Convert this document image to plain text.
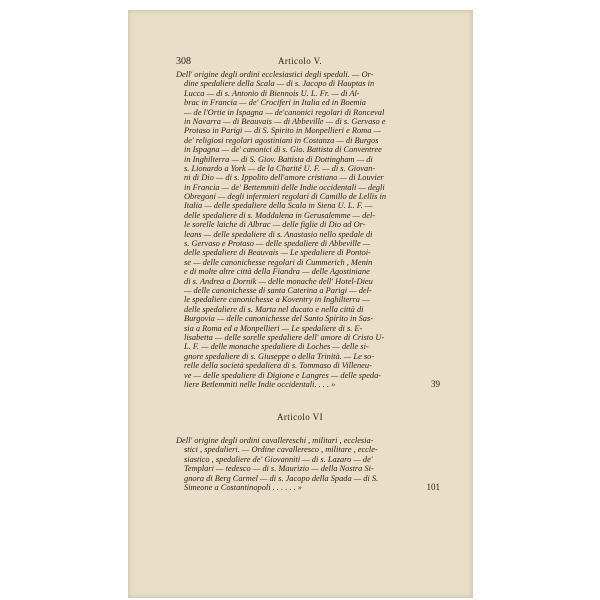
308	Articolo V.
Dell' origine degli ordini ecclesiastici degli spedali. — Or-
dine spedaliere della Scala — di s. Jacopo di Hauptas in
Lucca — di s. Antonio di Biennois U. L. Fr. — di Al-
brac in Francia — de' Crociferi in Italia ed in Boemia
— de l'Ortie in Ispagna — de'canonici regolari di Ronceval
in Navarra — di Beauvais — di Abbeville — di s. Gervaso e
Protaso in Parigi — di S. Spirito in Monpellieri e Roma —
de' religiosi regolari agostiniani in Costanza — di Burgos
in Ispagna — de' canonici di s. Gio. Battista di Conventree
in Inghilterra — di S. Giov. Battista di Dottingham — di
s. Lionardo a York — de la Charité U. F. — di s. Giovan-
ni di Dio — di s. Ippolito dell'amore cristiano — di Louvier
in Francia — de' Bettemmiti delle Indie occidentali — degli
Obregoni — degli infermieri regolari di Camillo de Lellis in
Italia — delle spedaliere della Scala in Siena U. L. F. —
delle spedaliere di s. Maddalena in Gerusalemme — del-
le sorelle laiche di Albrac — delle figlie di Dio ad Or-
leans — delle spedaliere di s. Anastasio nello spedale di
s. Gervaso e Protaso — delle spedaliere di Abbeville —
delle spedaliere di Beauvais — Le spedaliere di Pontoi-
se — delle canonichesse regolari di Cummerich , Menin
e di molte altre città della Fiandra — delle Agostiniane
di s. Andrea a Dornik — delle monache dell' Hotel-Dieu
— delle canonichesse di santa Caterina a Parigi — del-
le spedaliere canonichesse a Koventry in Inghilterra —
delle spedaliere di s. Marta nel ducato e nella città di
Burgovia — delle canonichesse del Santo Spirito in Sas-
sia a Roma ed a Monpellieri — Le spedaliere di s. E-
lisabetta — delle sorelle spedaliere dell' amore di Cristo U-
L. F. — delle monache spedaliere di Loches — delle si-
gnore spedaliere di s. Giuseppe o della Trinità. — Le so-
relle della società spedaliera di s. Tommaso di Villeneu-
ve — delle spedaliere di Digione e Langres — delle speda-
liere Betlemmiti nelle Indie occidentali. . . . »	39
Articolo VI
Dell' origine degli ordini cavallereschi , militari , ecclesia-
stici , spedalieri. — Ordine cavalleresco , militare , eccle-
siastico , spedaliere de' Giovanniti — di s. Lazaro — de'
Templari — tedesco — di s. Maurizio — della Nostra Si-
gnora di Berg Carmel — di s. Jacopo della Spada — di S.
Simeone a Costantinopoli . . . . . . »	101
